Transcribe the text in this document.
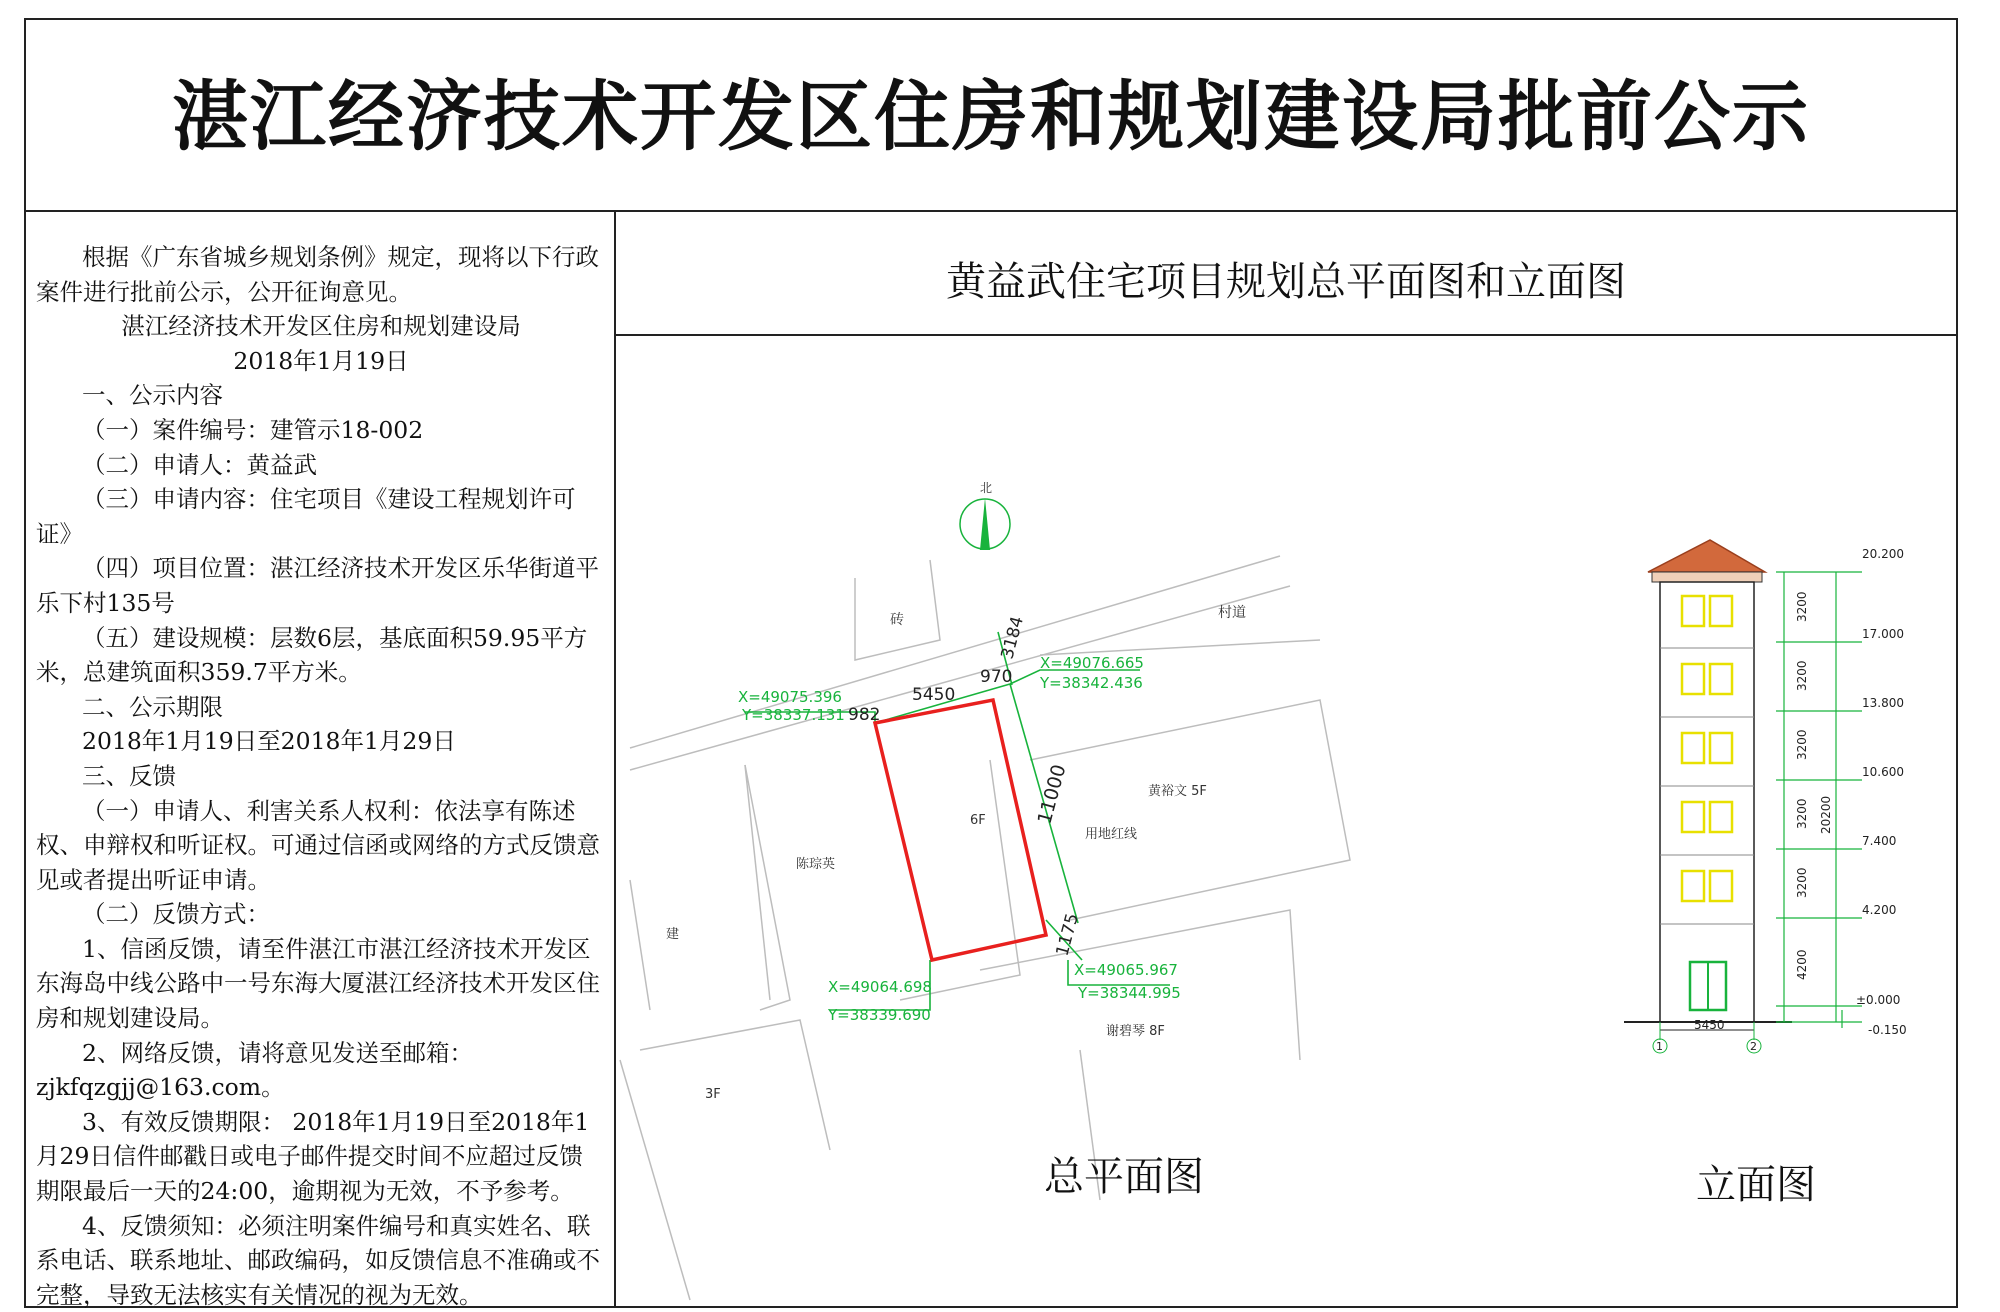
湛江经济技术开发区住房和规划建设局批前公示

根据《广东省城乡规划条例》规定，现将以下行政案件进行批前公示，公开征询意见。

湛江经济技术开发区住房和规划建设局

2018年1月19日

一、公示内容

（一）案件编号：建管示18-002

（二）申请人：黄益武

（三）申请内容：住宅项目《建设工程规划许可证》

（四）项目位置：湛江经济技术开发区乐华街道平乐下村135号

（五）建设规模：层数6层，基底面积59.95平方米，总建筑面积359.7平方米。

二、公示期限

2018年1月19日至2018年1月29日

三、反馈

（一）申请人、利害关系人权利：依法享有陈述权、申辩权和听证权。可通过信函或网络的方式反馈意见或者提出听证申请。

（二）反馈方式：

1、信函反馈，请至件湛江市湛江经济技术开发区东海岛中线公路中一号东海大厦湛江经济技术开发区住房和规划建设局。

2、网络反馈，请将意见发送至邮箱：

zjkfqzgjj@163.com。

3、有效反馈期限： 2018年1月19日至2018年1月29日信件邮戳日或电子邮件提交时间不应超过反馈期限最后一天的24:00，逾期视为无效，不予参考。

4、反馈须知：必须注明案件编号和真实姓名、联系电话、联系地址、邮政编码，如反馈信息不准确或不完整，导致无法核实有关情况的视为无效。

黄益武住宅项目规划总平面图和立面图
砖	村道
黄裕文 5F
6F
用地红线
陈琮英
建
谢碧琴 8F
3F
X=49075.396
Y=38337.131
X=49076.665
Y=38342.436
X=49064.698
Y=38339.690
X=49065.967
Y=38344.995
5450
982
970
3184
11000
1175
北
5450
1	2
20.200
17.000
13.800
10.600
7.400
4.200
±0.000
-0.150
3200
3200
3200
3200
3200
4200
20200
总平面图	立面图
